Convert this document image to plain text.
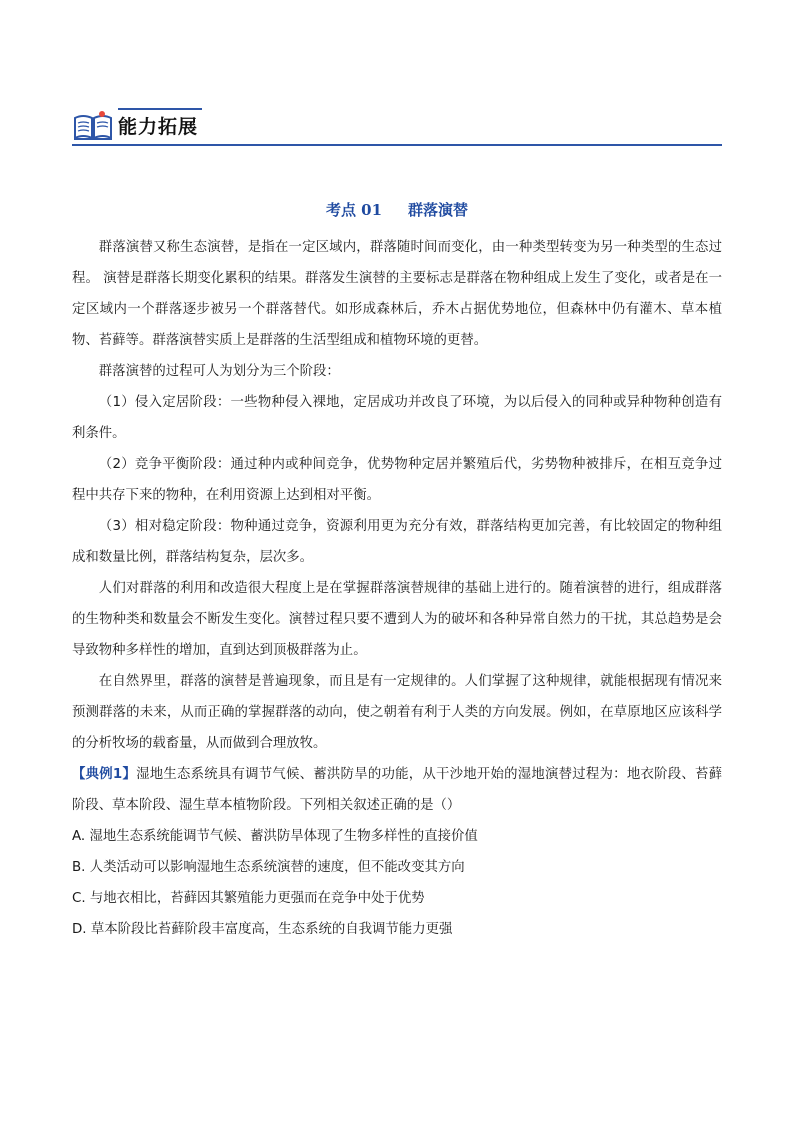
能力拓展
考点 01 群落演替

群落演替又称生态演替，是指在一定区域内，群落随时间而变化，由一种类型转变为另一种类型的生态过程。 演替是群落长期变化累积的结果。群落发生演替的主要标志是群落在物种组成上发生了变化，或者是在一定区域内一个群落逐步被另一个群落替代。如形成森林后，乔木占据优势地位，但森林中仍有灌木、草本植物、苔藓等。群落演替实质上是群落的生活型组成和植物环境的更替。

群落演替的过程可人为划分为三个阶段：

（1）侵入定居阶段：一些物种侵入裸地，定居成功并改良了环境，为以后侵入的同种或异种物种创造有利条件。

（2）竞争平衡阶段：通过种内或种间竞争，优势物种定居并繁殖后代，劣势物种被排斥，在相互竞争过程中共存下来的物种，在利用资源上达到相对平衡。

（3）相对稳定阶段：物种通过竞争，资源利用更为充分有效，群落结构更加完善，有比较固定的物种组成和数量比例，群落结构复杂，层次多。

人们对群落的利用和改造很大程度上是在掌握群落演替规律的基础上进行的。随着演替的进行，组成群落的生物种类和数量会不断发生变化。演替过程只要不遭到人为的破坏和各种异常自然力的干扰，其总趋势是会导致物种多样性的增加，直到达到顶极群落为止。

在自然界里，群落的演替是普遍现象，而且是有一定规律的。人们掌握了这种规律，就能根据现有情况来预测群落的未来，从而正确的掌握群落的动向，使之朝着有利于人类的方向发展。例如，在草原地区应该科学的分析牧场的载畜量，从而做到合理放牧。

【典例1】湿地生态系统具有调节气候、蓄洪防旱的功能，从干沙地开始的湿地演替过程为：地衣阶段、苔藓阶段、草本阶段、湿生草本植物阶段。下列相关叙述正确的是（）

A. 湿地生态系统能调节气候、蓄洪防旱体现了生物多样性的直接价值

B. 人类活动可以影响湿地生态系统演替的速度，但不能改变其方向

C. 与地衣相比，苔藓因其繁殖能力更强而在竞争中处于优势

D. 草本阶段比苔藓阶段丰富度高，生态系统的自我调节能力更强
